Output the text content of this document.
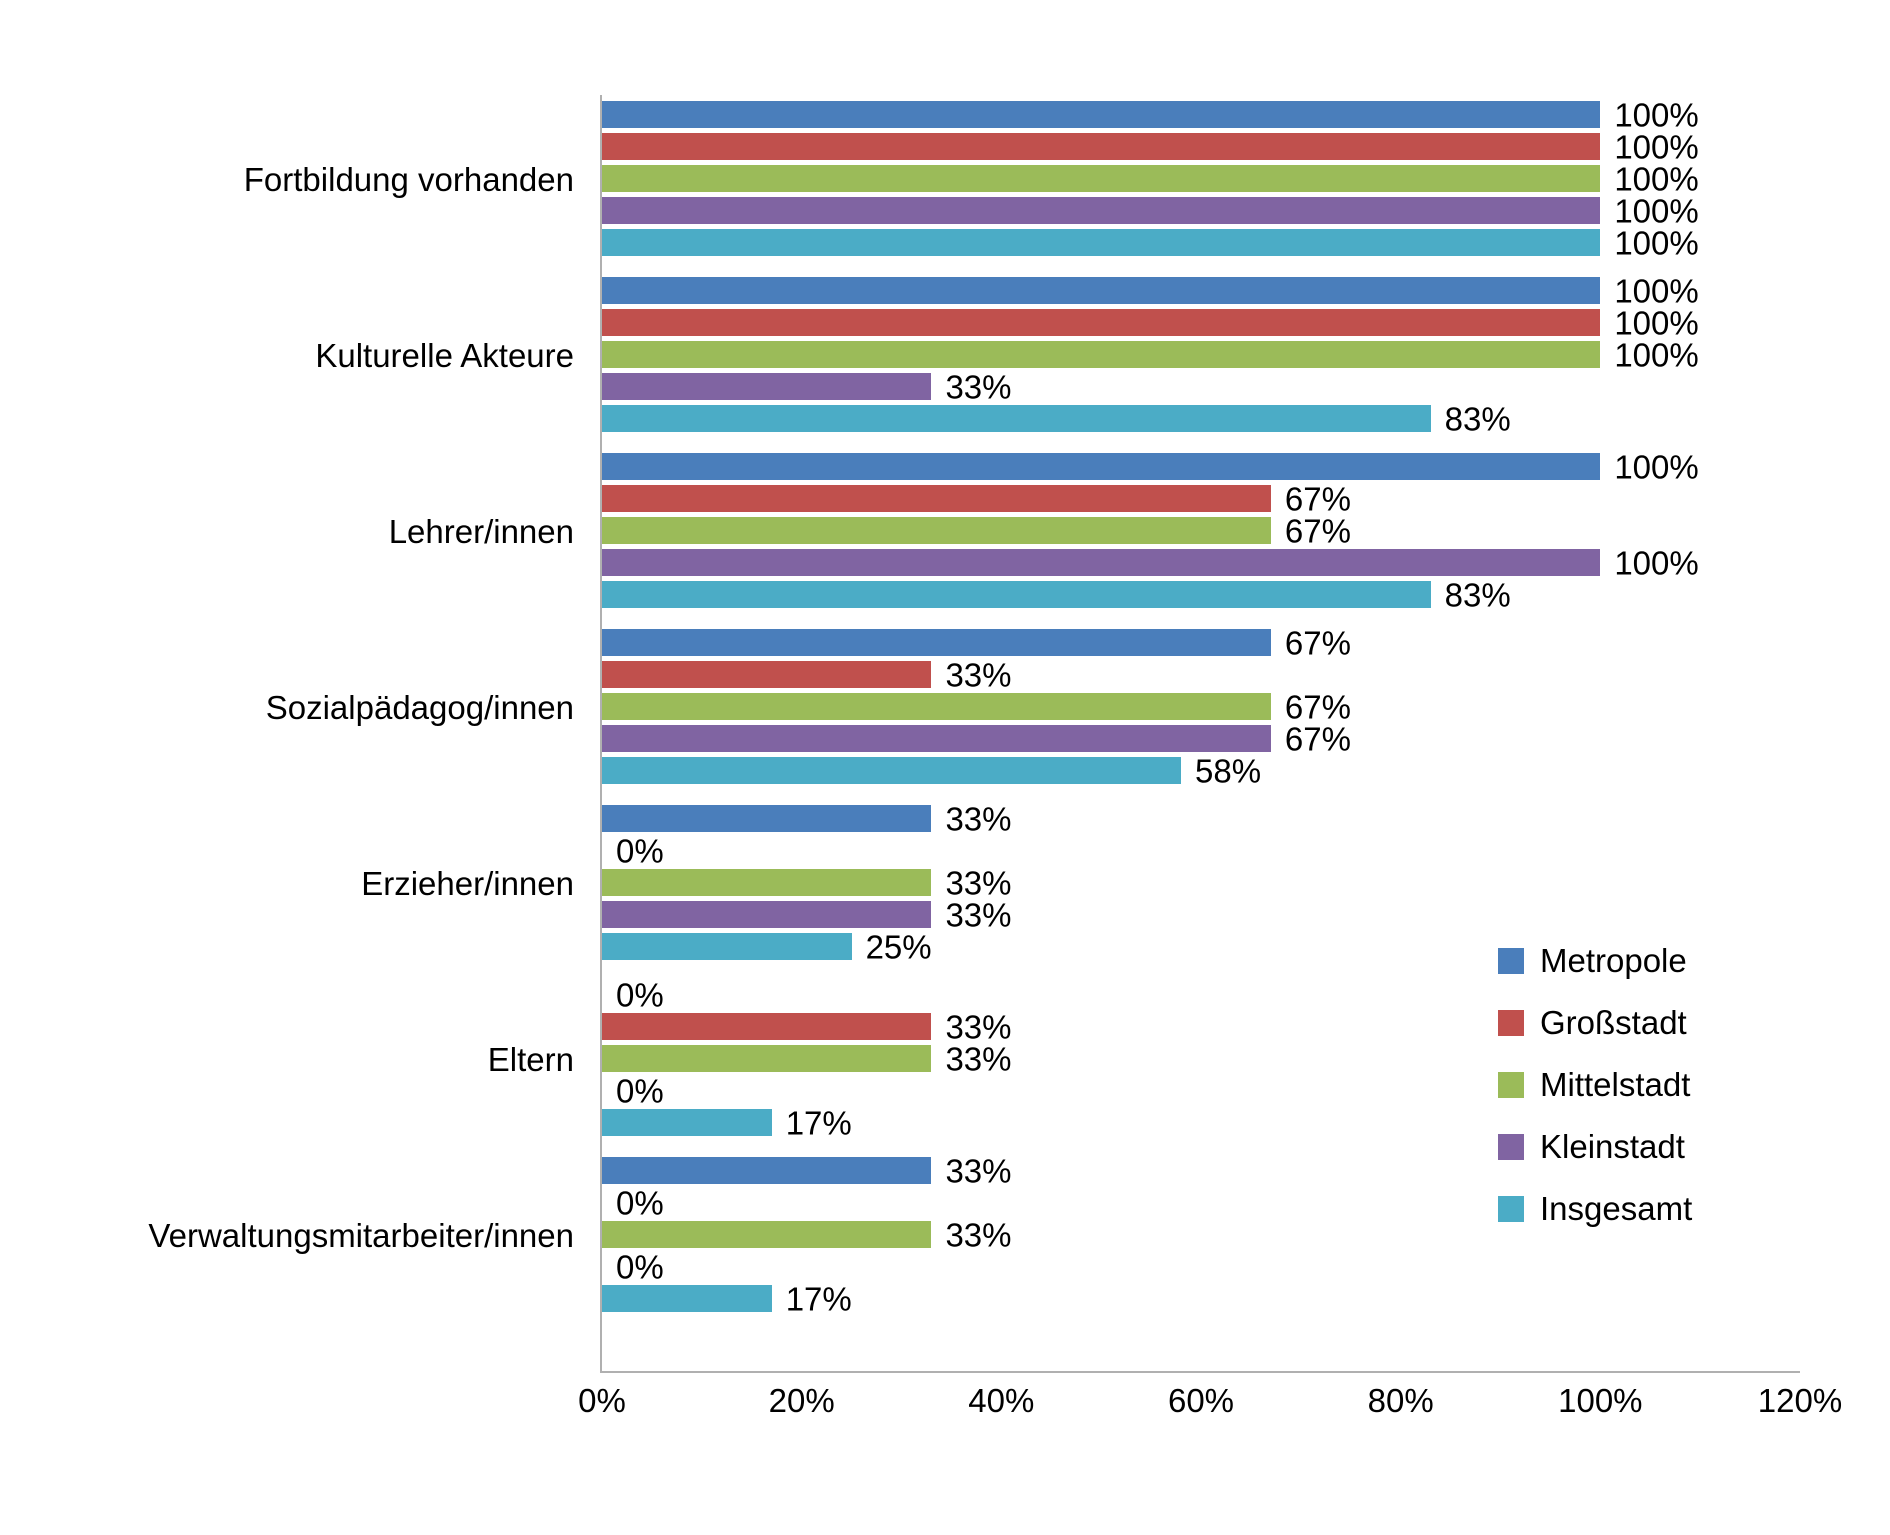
Fortbildung vorhanden
100%
100%
100%
100%
100%
Kulturelle Akteure
100%
100%
100%
33%
83%
Lehrer/innen
100%
67%
67%
100%
83%
Sozialpädagog/innen
67%
33%
67%
67%
58%
Erzieher/innen
33%
0%
33%
33%
25%
Eltern
0%
33%
33%
0%
17%
Verwaltungsmitarbeiter/innen
33%
0%
33%
0%
17%
0%	20%	40%	60%	80%	100%	120%
Metropole
Großstadt
Mittelstadt
Kleinstadt
Insgesamt
